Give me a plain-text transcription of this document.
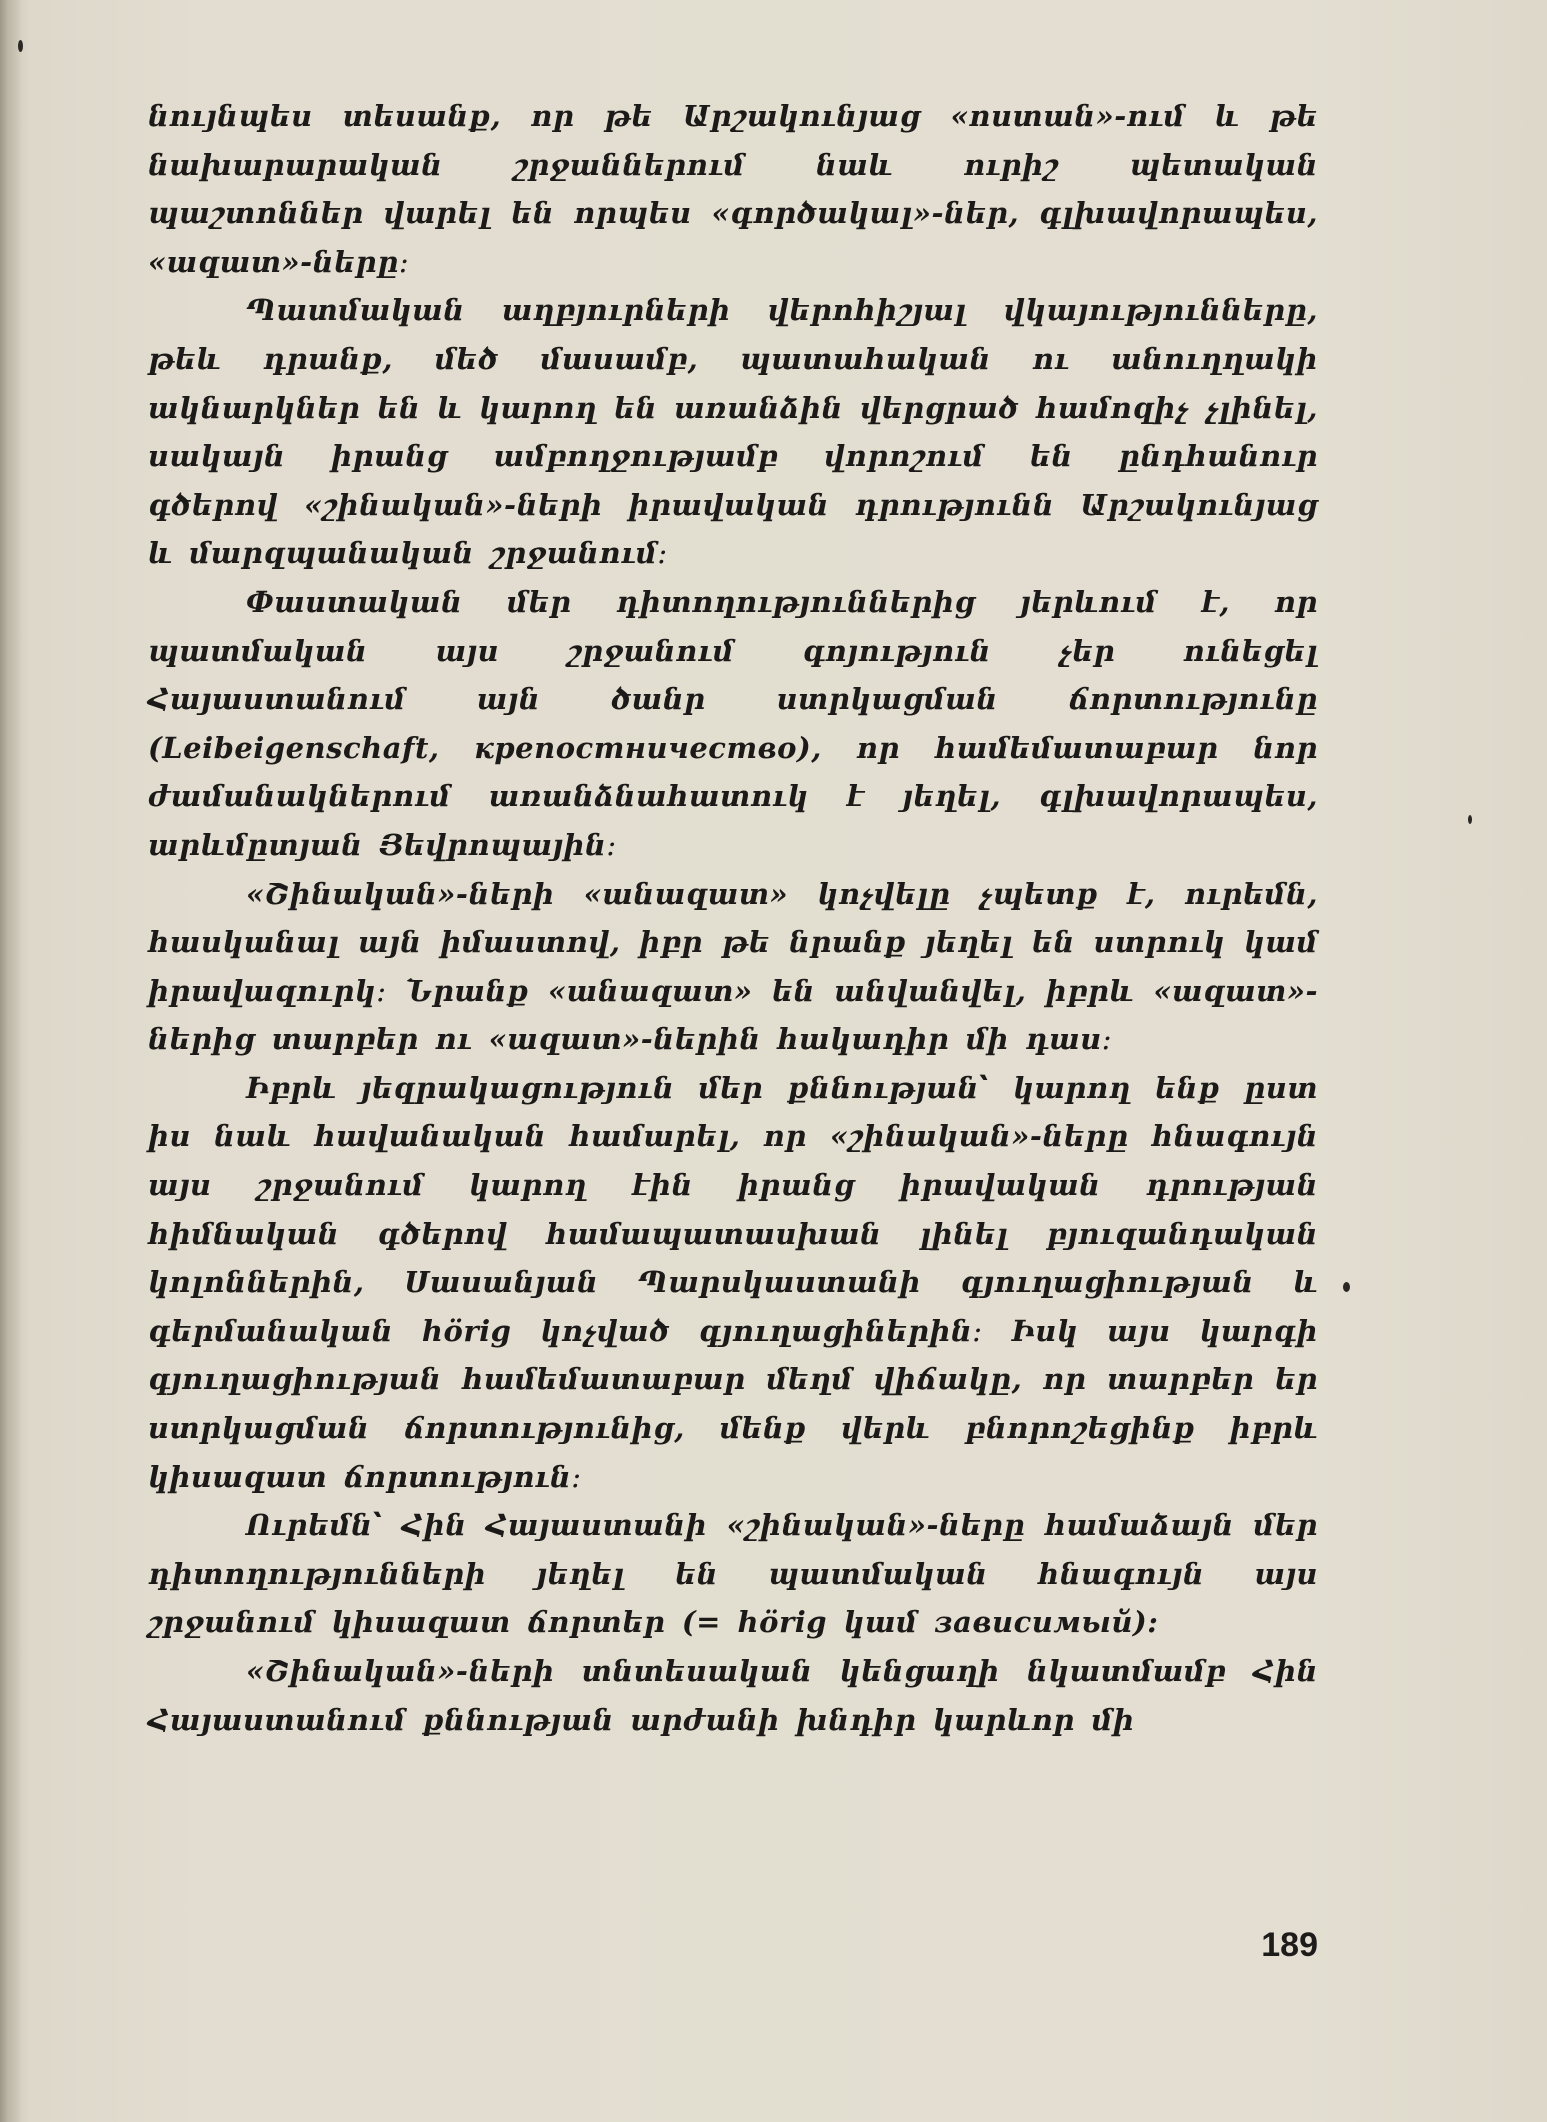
նույնպես տեսանք, որ թե Արշակունյաց «ոստան»-ում և թե նախարարական շրջաններում նաև ուրիշ պետական պաշտոններ վարել են որպես «գործակալ»-ներ, գլխավորապես, «ազատ»-ները։

Պատմական աղբյուրների վերոհիշյալ վկայությունները, թեև դրանք, մեծ մասամբ, պատահական ու անուղղակի ակնարկներ են և կարող են առանձին վերցրած համոզիչ չլինել, սակայն իրանց ամբողջությամբ վորոշում են ընդհանուր գծերով «շինական»-ների իրավական դրությունն Արշակունյաց և մարզպանական շրջանում։

Փաստական մեր դիտողություններից յերևում է, որ պատմական այս շրջանում գոյություն չեր ունեցել Հայաստանում այն ծանր ստրկացման ճորտությունը (Leibeigenschaft, крепостничество), որ համեմատաբար նոր ժամանակներում առանձնահատուկ է յեղել, գլխավորապես, արևմըտյան Յեվրոպային։

«Շինական»-ների «անազատ» կոչվելը չպետք է, ուրեմն, հասկանալ այն իմաստով, իբր թե նրանք յեղել են ստրուկ կամ իրավազուրկ։ Նրանք «անազատ» են անվանվել, իբրև «ազատ»-ներից տարբեր ու «ազատ»-ներին հակադիր մի դաս։

Իբրև յեզրակացություն մեր քննության՝ կարող ենք ըստ իս նաև հավանական համարել, որ «շինական»-ները հնագույն այս շրջանում կարող էին իրանց իրավական դրության հիմնական գծերով համապատասխան լինել բյուզանդական կոլոններին, Սասանյան Պարսկաստանի գյուղացիության և գերմանական hörig կոչված գյուղացիներին։ Իսկ այս կարգի գյուղացիության համեմատաբար մեղմ վիճակը, որ տարբեր եր ստրկացման ճորտությունից, մենք վերև բնորոշեցինք իբրև կիսազատ ճորտություն։

Ուրեմն՝ Հին Հայաստանի «շինական»-ները համաձայն մեր դիտողությունների յեղել են պատմական հնագույն այս շրջանում կիսազատ ճորտեր (= hörig կամ зависимый):

«Շինական»-ների տնտեսական կենցաղի նկատմամբ Հին Հայաստանում քննության արժանի խնդիր կարևոր մի

189
